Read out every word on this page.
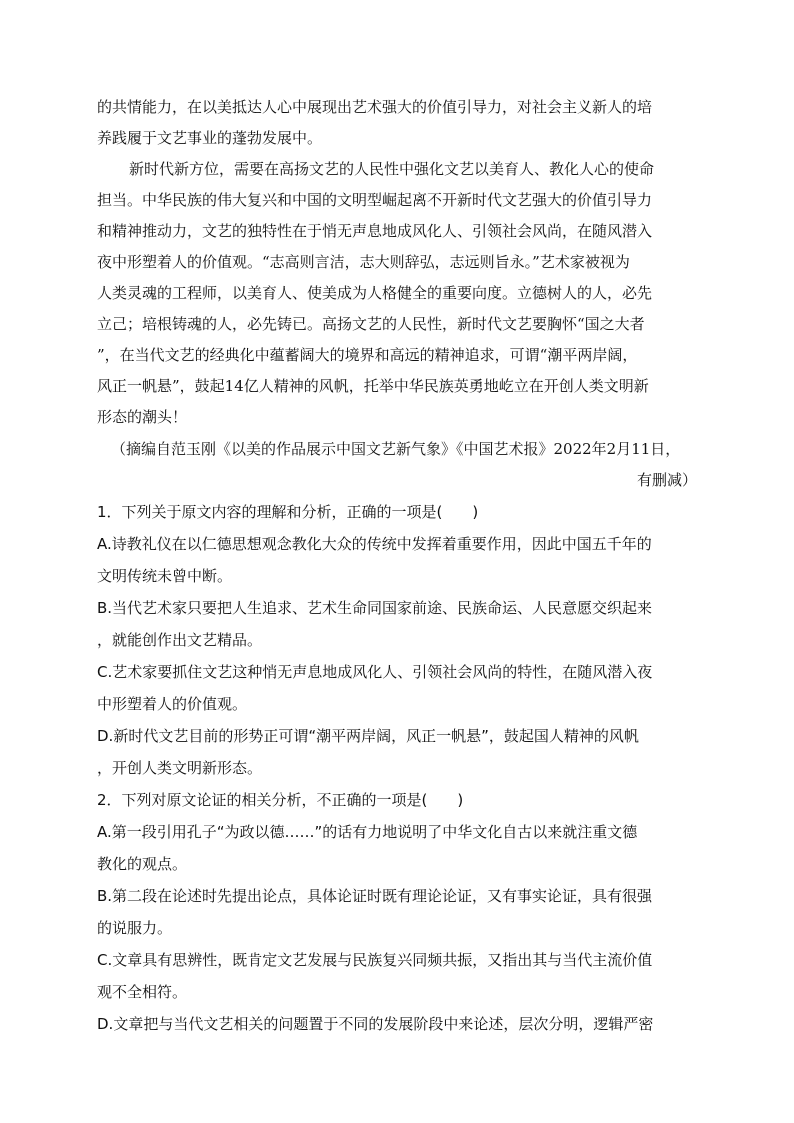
的共情能力，在以美抵达人心中展现出艺术强大的价值引导力，对社会主义新人的培
养践履于文艺事业的蓬勃发展中。
新时代新方位，需要在高扬文艺的人民性中强化文艺以美育人、教化人心的使命
担当。中华民族的伟大复兴和中国的文明型崛起离不开新时代文艺强大的价值引导力
和精神推动力，文艺的独特性在于悄无声息地成风化人、引领社会风尚，在随风潜入
夜中形塑着人的价值观。“志高则言洁，志大则辞弘，志远则旨永。”艺术家被视为
人类灵魂的工程师，以美育人、使美成为人格健全的重要向度。立德树人的人，必先
立己；培根铸魂的人，必先铸已。高扬文艺的人民性，新时代文艺要胸怀“国之大者
”，在当代文艺的经典化中蕴蓄阔大的境界和高远的精神追求，可谓“潮平两岸阔，
风正一帆悬”，鼓起14亿人精神的风帆，托举中华民族英勇地屹立在开创人类文明新
形态的潮头！
（摘编自范玉刚《以美的作品展示中国文艺新气象》《中国艺术报》2022年2月11日，
有删减）
1．下列关于原文内容的理解和分析，正确的一项是(　　)
A.诗教礼仪在以仁德思想观念教化大众的传统中发挥着重要作用，因此中国五千年的
文明传统未曾中断。
B.当代艺术家只要把人生追求、艺术生命同国家前途、民族命运、人民意愿交织起来
，就能创作出文艺精品。
C.艺术家要抓住文艺这种悄无声息地成风化人、引领社会风尚的特性，在随风潜入夜
中形塑着人的价值观。
D.新时代文艺目前的形势正可谓“潮平两岸阔，风正一帆悬”，鼓起国人精神的风帆
，开创人类文明新形态。
2．下列对原文论证的相关分析，不正确的一项是(　　)
A.第一段引用孔子“为政以德……”的话有力地说明了中华文化自古以来就注重文德
教化的观点。
B.第二段在论述时先提出论点，具体论证时既有理论论证，又有事实论证，具有很强
的说服力。
C.文章具有思辨性，既肯定文艺发展与民族复兴同频共振，又指出其与当代主流价值
观不全相符。
D.文章把与当代文艺相关的问题置于不同的发展阶段中来论述，层次分明，逻辑严密
